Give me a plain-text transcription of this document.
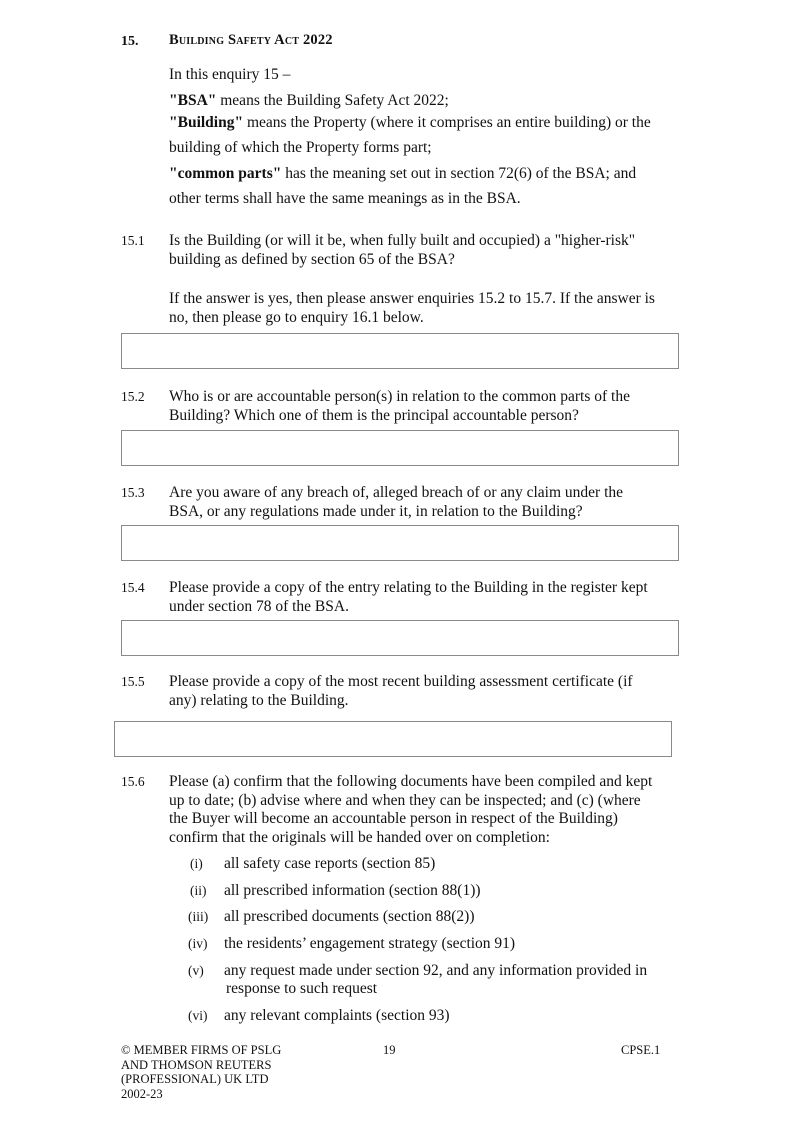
15. Building Safety Act 2022
In this enquiry 15 –
"BSA" means the Building Safety Act 2022;
"Building" means the Property (where it comprises an entire building) or the
building of which the Property forms part;
"common parts" has the meaning set out in section 72(6) of the BSA; and
other terms shall have the same meanings as in the BSA.
15.1 Is the Building (or will it be, when fully built and occupied) a "higher-risk"
building as defined by section 65 of the BSA?
If the answer is yes, then please answer enquiries 15.2 to 15.7. If the answer is
no, then please go to enquiry 16.1 below.
15.2 Who is or are accountable person(s) in relation to the common parts of the
Building? Which one of them is the principal accountable person?
15.3 Are you aware of any breach of, alleged breach of or any claim under the
BSA, or any regulations made under it, in relation to the Building?
15.4 Please provide a copy of the entry relating to the Building in the register kept
under section 78 of the BSA.
15.5 Please provide a copy of the most recent building assessment certificate (if
any) relating to the Building.
15.6 Please (a) confirm that the following documents have been compiled and kept
up to date; (b) advise where and when they can be inspected; and (c) (where
the Buyer will become an accountable person in respect of the Building)
confirm that the originals will be handed over on completion:
(i) all safety case reports (section 85)
(ii) all prescribed information (section 88(1))
(iii) all prescribed documents (section 88(2))
(iv) the residents’ engagement strategy (section 91)
(v) any request made under section 92, and any information provided in
response to such request
(vi) any relevant complaints (section 93)
© MEMBER FIRMS OF PSLG
AND THOMSON REUTERS
(PROFESSIONAL) UK LTD
2002-23
19	CPSE.1
